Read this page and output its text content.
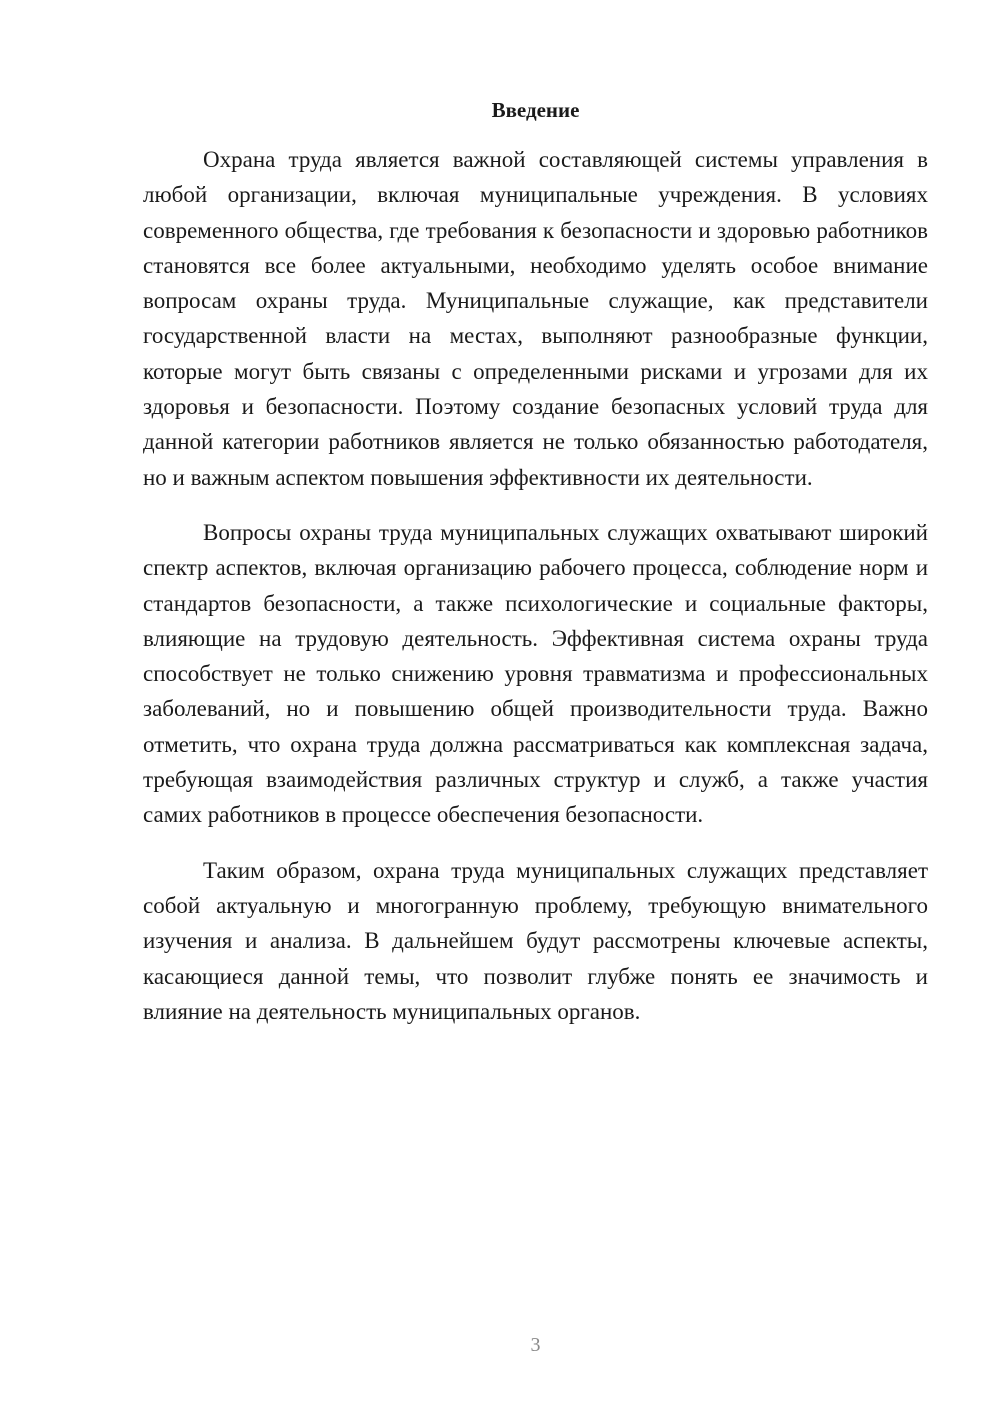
Введение

Охрана труда является важной составляющей системы управления в любой организации, включая муниципальные учреждения. В условиях современного общества, где требования к безопасности и здоровью работников становятся все более актуальными, необходимо уделять особое внимание вопросам охраны труда. Муниципальные служащие, как представители государственной власти на местах, выполняют разнообразные функции, которые могут быть связаны с определенными рисками и угрозами для их здоровья и безопасности. Поэтому создание безопасных условий труда для данной категории работников является не только обязанностью работодателя, но и важным аспектом повышения эффективности их деятельности.

Вопросы охраны труда муниципальных служащих охватывают широкий спектр аспектов, включая организацию рабочего процесса, соблюдение норм и стандартов безопасности, а также психологические и социальные факторы, влияющие на трудовую деятельность. Эффективная система охраны труда способствует не только снижению уровня травматизма и профессиональных заболеваний, но и повышению общей производительности труда. Важно отметить, что охрана труда должна рассматриваться как комплексная задача, требующая взаимодействия различных структур и служб, а также участия самих работников в процессе обеспечения безопасности.

Таким образом, охрана труда муниципальных служащих представляет собой актуальную и многогранную проблему, требующую внимательного изучения и анализа. В дальнейшем будут рассмотрены ключевые аспекты, касающиеся данной темы, что позволит глубже понять ее значимость и влияние на деятельность муниципальных органов.

3
